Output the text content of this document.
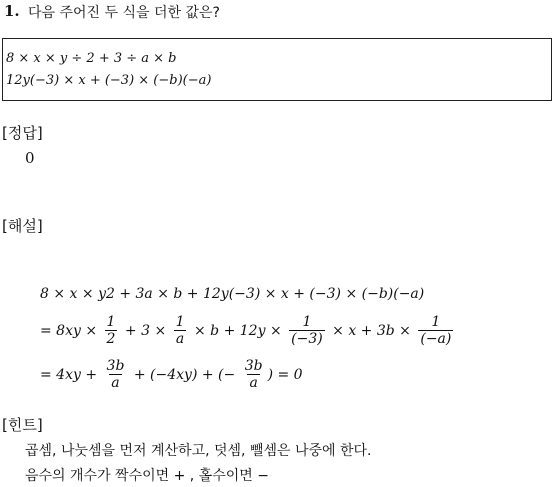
1. 다음 주어진 두 식을 더한 값은?
8 × x × y ÷ 2 + 3 ÷ a × b
12y(−3) × x + (−3) × (−b)(−a)
[정답]
0
[해설]
8 × x × y2 + 3a × b + 12y(−3) × x + (−3) × (−b)(−a)
= $8xy \times \frac{1}{2} + 3 \times \frac{1}{a} \times b + 12y \times \frac{1}{(-3)} \times x + 3b \times \frac{1}{(-a)}$
= $4xy + \frac{3b}{a} + (-4xy)$ + (− $\frac{3b}{a}$ ) = 0
[힌트]
곱셈, 나눗셈을 먼저 계산하고, 덧셈, 뺄셈은 나중에 한다.
음수의 개수가 짝수이면 + , 홀수이면 −
